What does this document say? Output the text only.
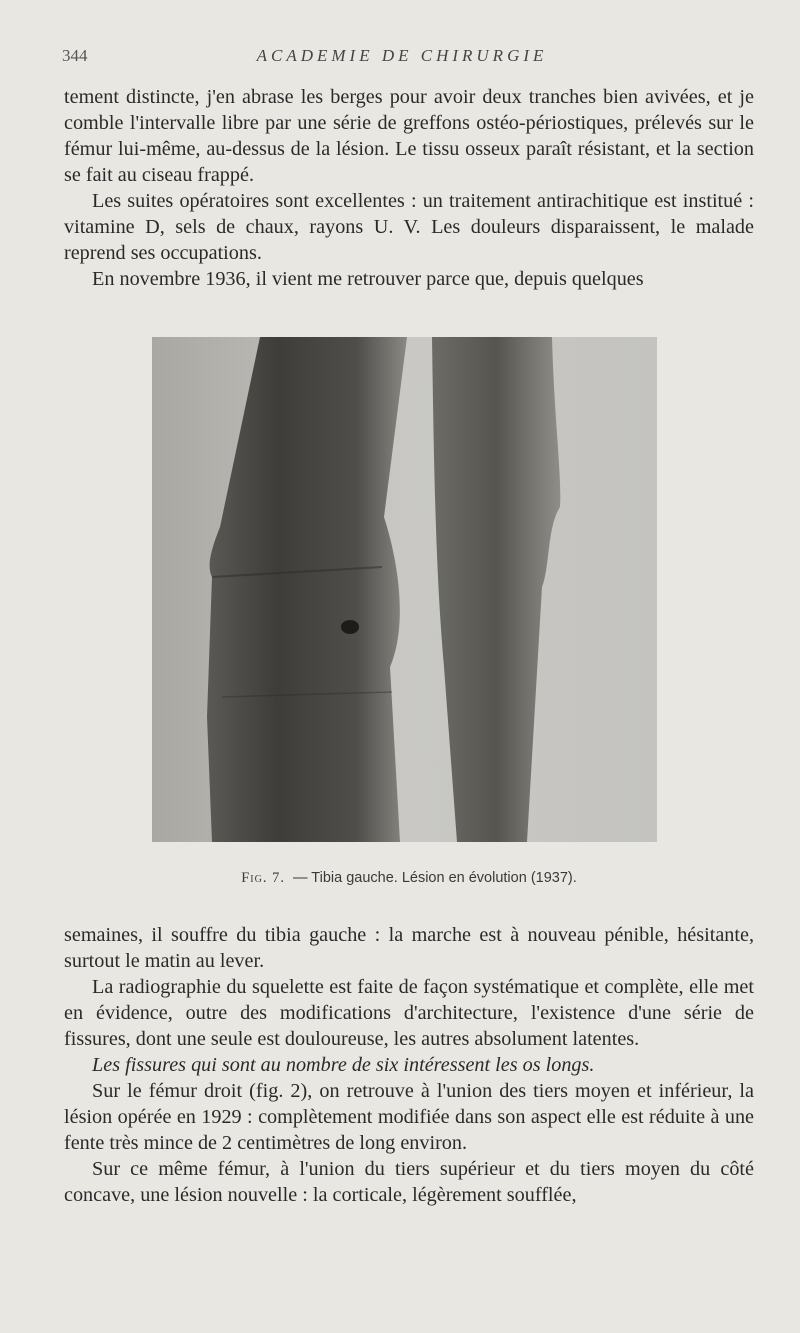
344	ACADEMIE DE CHIRURGIE

tement distincte, j'en abrase les berges pour avoir deux tranches bien avivées, et je comble l'intervalle libre par une série de greffons ostéo-périostiques, prélevés sur le fémur lui-même, au-dessus de la lésion. Le tissu osseux paraît résistant, et la section se fait au ciseau frappé.

Les suites opératoires sont excellentes : un traitement antirachitique est institué : vitamine D, sels de chaux, rayons U. V. Les douleurs disparaissent, le malade reprend ses occupations.

En novembre 1936, il vient me retrouver parce que, depuis quelques

Fig. 7. — Tibia gauche. Lésion en évolution (1937).

semaines, il souffre du tibia gauche : la marche est à nouveau pénible, hésitante, surtout le matin au lever.

La radiographie du squelette est faite de façon systématique et complète, elle met en évidence, outre des modifications d'architecture, l'existence d'une série de fissures, dont une seule est douloureuse, les autres absolument latentes.

Les fissures qui sont au nombre de six intéressent les os longs.

Sur le fémur droit (fig. 2), on retrouve à l'union des tiers moyen et inférieur, la lésion opérée en 1929 : complètement modifiée dans son aspect elle est réduite à une fente très mince de 2 centimètres de long environ.

Sur ce même fémur, à l'union du tiers supérieur et du tiers moyen du côté concave, une lésion nouvelle : la corticale, légèrement soufflée,
